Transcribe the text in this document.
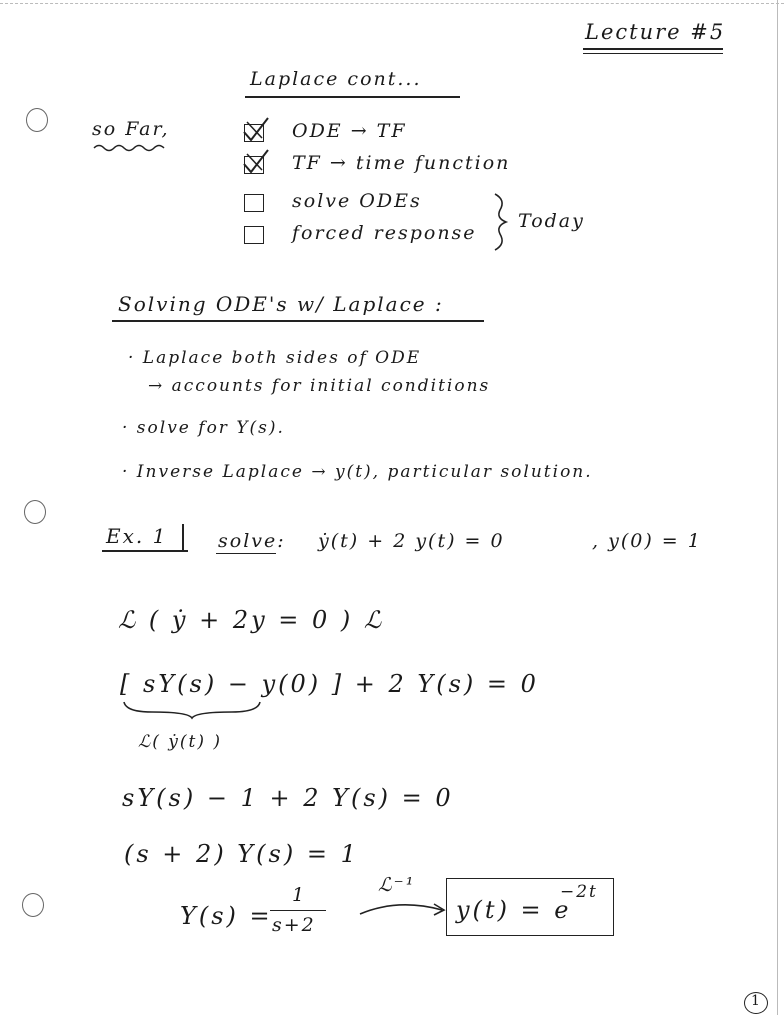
Lecture #5
Laplace cont...
so Far,	ODE → TF
TF → time function
solve ODEs
forced response
Today
Solving ODE's w/ Laplace :
· Laplace both sides of ODE
→ accounts for initial conditions
· solve for Y(s).
· Inverse Laplace → y(t), particular solution.
Ex. 1	solve: ẏ(t) + 2 y(t) = 0	, y(0) = 1
ℒ ( ẏ + 2y = 0 ) ℒ
[ sY(s) − y(0) ] + 2 Y(s) = 0
ℒ( ẏ(t) )
sY(s) − 1 + 2 Y(s) = 0
(s + 2) Y(s) = 1
Y(s) =
1
s+2
ℒ⁻¹
y(t) = e
−2t
1
